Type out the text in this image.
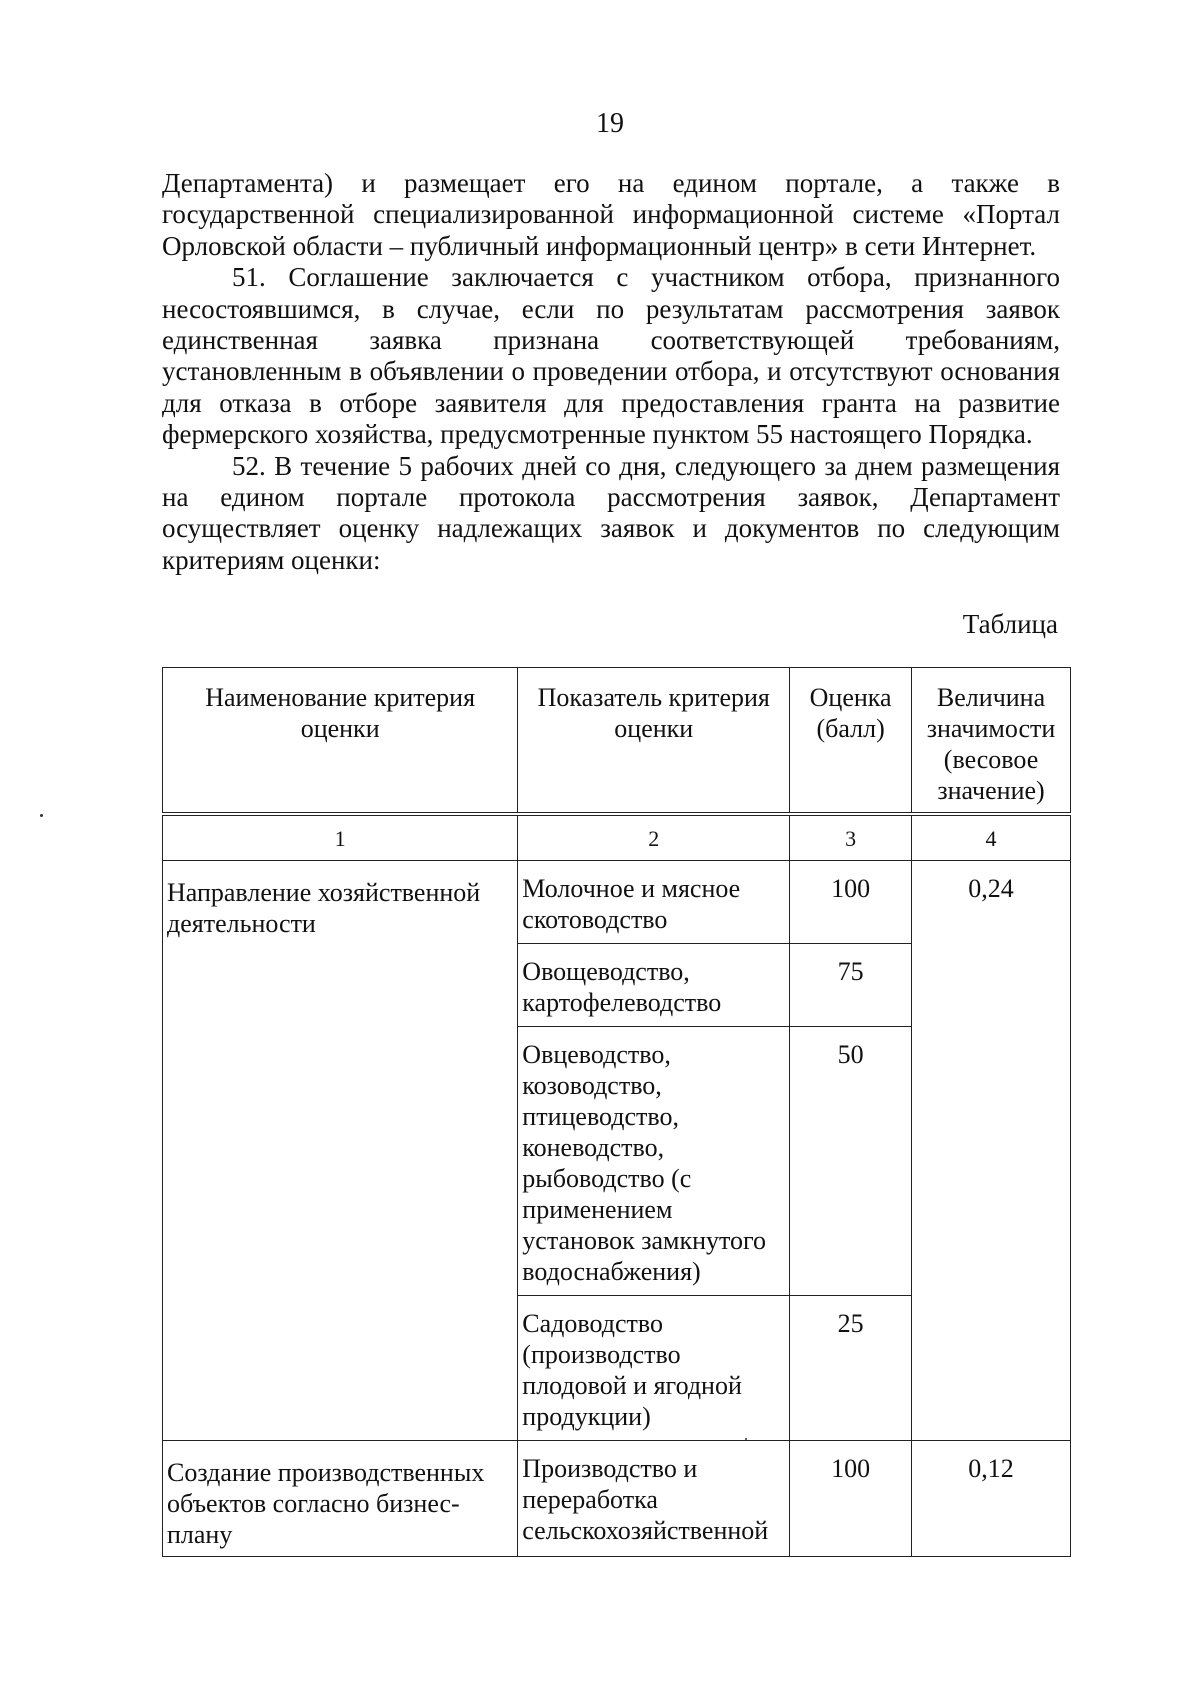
19

Департамента) и размещает его на едином портале, а также в
государственной специализированной информационной системе «Портал
Орловской области – публичный информационный центр» в сети Интернет.

51. Соглашение заключается с участником отбора, признанного
несостоявшимся, в случае, если по результатам рассмотрения заявок
единственная заявка признана соответствующей требованиям,
установленным в объявлении о проведении отбора, и отсутствуют основания
для отказа в отборе заявителя для предоставления гранта на развитие
фермерского хозяйства, предусмотренные пунктом 55 настоящего Порядка.

52. В течение 5 рабочих дней со дня, следующего за днем размещения
на едином портале протокола рассмотрения заявок, Департамент
осуществляет оценку надлежащих заявок и документов по следующим
критериям оценки:

Таблица
Наименование критерия оценки	Показатель критерия оценки	Оценка (балл)	Величина значимости (весовое значение)
1	2	3	4
Направление хозяйственной деятельности	Молочное и мясное скотоводство	100	0,24
	Овощеводство, картофелеводство	75	
	Овцеводство, козоводство, птицеводство, коневодство, рыбоводство (с применением установок замкнутого водоснабжения)	50	
	Садоводство (производство плодовой и ягодной продукции)	25	
Создание производственных объектов согласно бизнес-плану	Производство и переработка сельскохозяйственной	100	0,12
